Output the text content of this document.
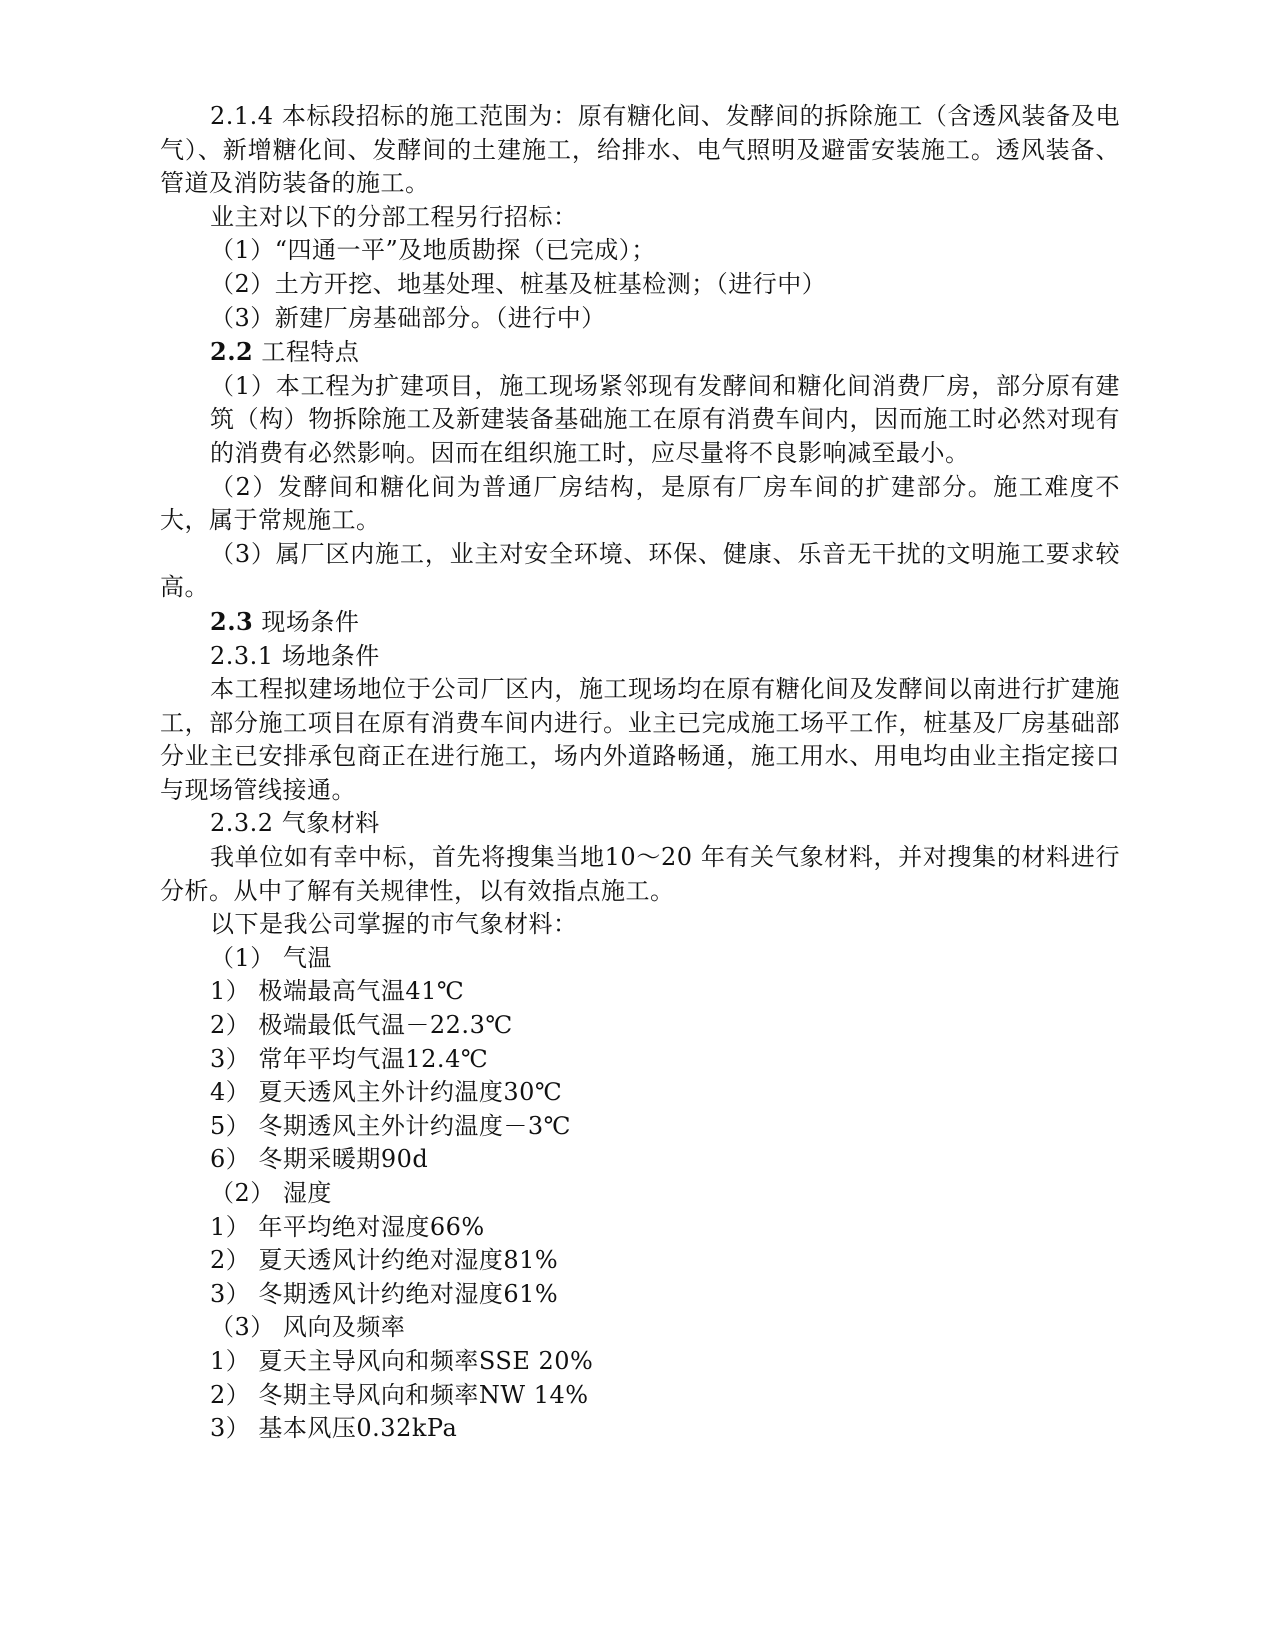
2.1.4 本标段招标的施工范围为：原有糖化间、发酵间的拆除施工（含透风装备及电气）、新增糖化间、发酵间的土建施工，给排水、电气照明及避雷安装施工。透风装备、管道及消防装备的施工。

业主对以下的分部工程另行招标：

（1）“四通一平”及地质勘探（已完成）；

（2）土方开挖、地基处理、桩基及桩基检测；（进行中）

（3）新建厂房基础部分。（进行中）

2.2 工程特点

（1）本工程为扩建项目，施工现场紧邻现有发酵间和糖化间消费厂房，部分原有建筑（构）物拆除施工及新建装备基础施工在原有消费车间内，因而施工时必然对现有的消费有必然影响。因而在组织施工时，应尽量将不良影响减至最小。

（2）发酵间和糖化间为普通厂房结构，是原有厂房车间的扩建部分。施工难度不大，属于常规施工。

（3）属厂区内施工，业主对安全环境、环保、健康、乐音无干扰的文明施工要求较高。

2.3 现场条件

2.3.1 场地条件

本工程拟建场地位于公司厂区内，施工现场均在原有糖化间及发酵间以南进行扩建施工，部分施工项目在原有消费车间内进行。业主已完成施工场平工作，桩基及厂房基础部分业主已安排承包商正在进行施工，场内外道路畅通，施工用水、用电均由业主指定接口与现场管线接通。

2.3.2 气象材料

我单位如有幸中标，首先将搜集当地10～20 年有关气象材料，并对搜集的材料进行分析。从中了解有关规律性，以有效指点施工。

以下是我公司掌握的市气象材料：

（1） 气温

1） 极端最高气温41℃

2） 极端最低气温－22.3℃

3） 常年平均气温12.4℃

4） 夏天透风主外计约温度30℃

5） 冬期透风主外计约温度－3℃

6） 冬期采暖期90d

（2） 湿度

1） 年平均绝对湿度66%

2） 夏天透风计约绝对湿度81%

3） 冬期透风计约绝对湿度61%

（3） 风向及频率

1） 夏天主导风向和频率SSE 20%

2） 冬期主导风向和频率NW 14%

3） 基本风压0.32kPa
